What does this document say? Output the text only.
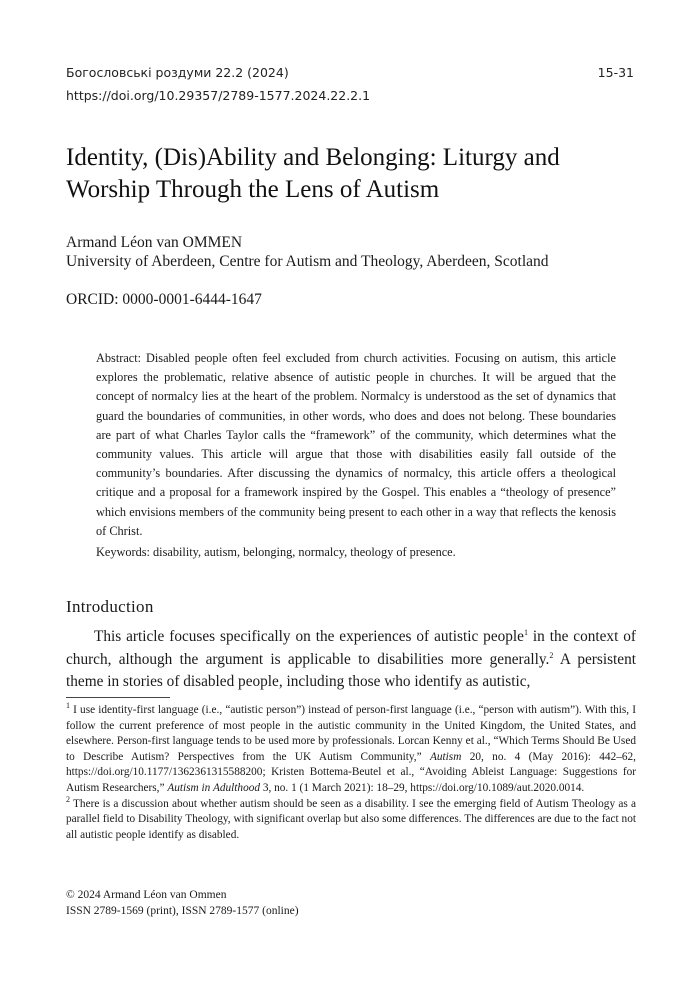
Богословські роздуми 22.2 (2024)	15-31
https://doi.org/10.29357/2789-1577.2024.22.2.1
Identity, (Dis)Ability and Belonging: Liturgy and Worship Through the Lens of Autism
Armand Léon van OMMEN
University of Aberdeen, Centre for Autism and Theology, Aberdeen, Scotland
ORCID: 0000-0001-6444-1647

Abstract: Disabled people often feel excluded from church activities. Focusing on autism, this article explores the problematic, relative absence of autistic people in churches. It will be argued that the concept of normalcy lies at the heart of the problem. Normalcy is understood as the set of dynamics that guard the boundaries of communities, in other words, who does and does not belong. These boundaries are part of what Charles Taylor calls the “framework” of the community, which determines what the community values. This article will argue that those with disabilities easily fall outside of the community’s boundaries. After discussing the dynamics of normalcy, this article offers a theological critique and a proposal for a framework inspired by the Gospel. This enables a “theology of presence” which envisions members of the community being present to each other in a way that reflects the kenosis of Christ.

Keywords: disability, autism, belonging, normalcy, theology of presence.

Introduction

This article focuses specifically on the experiences of autistic people$^1$ in the context of church, although the argument is applicable to disabilities more generally.$^2$ A persistent theme in stories of disabled people, including those who identify as autistic,

$^1$ I use identity-first language (i.e., “autistic person”) instead of person-first language (i.e., “person with autism”). With this, I follow the current preference of most people in the autistic community in the United Kingdom, the United States, and elsewhere. Person-first language tends to be used more by professionals. Lorcan Kenny et al., “Which Terms Should Be Used to Describe Autism? Perspectives from the UK Autism Community,” Autism 20, no. 4 (May 2016): 442–62, https://doi.org/10.1177/1362361315588200; Kristen Bottema-Beutel et al., “Avoiding Ableist Language: Suggestions for Autism Researchers,” Autism in Adulthood 3, no. 1 (1 March 2021): 18–29, https://doi.org/10.1089/aut.2020.0014.

$^2$ There is a discussion about whether autism should be seen as a disability. I see the emerging field of Autism Theology as a parallel field to Disability Theology, with significant overlap but also some differences. The differences are due to the fact not all autistic people identify as disabled.

© 2024 Armand Léon van Ommen
ISSN 2789-1569 (print), ISSN 2789-1577 (online)
